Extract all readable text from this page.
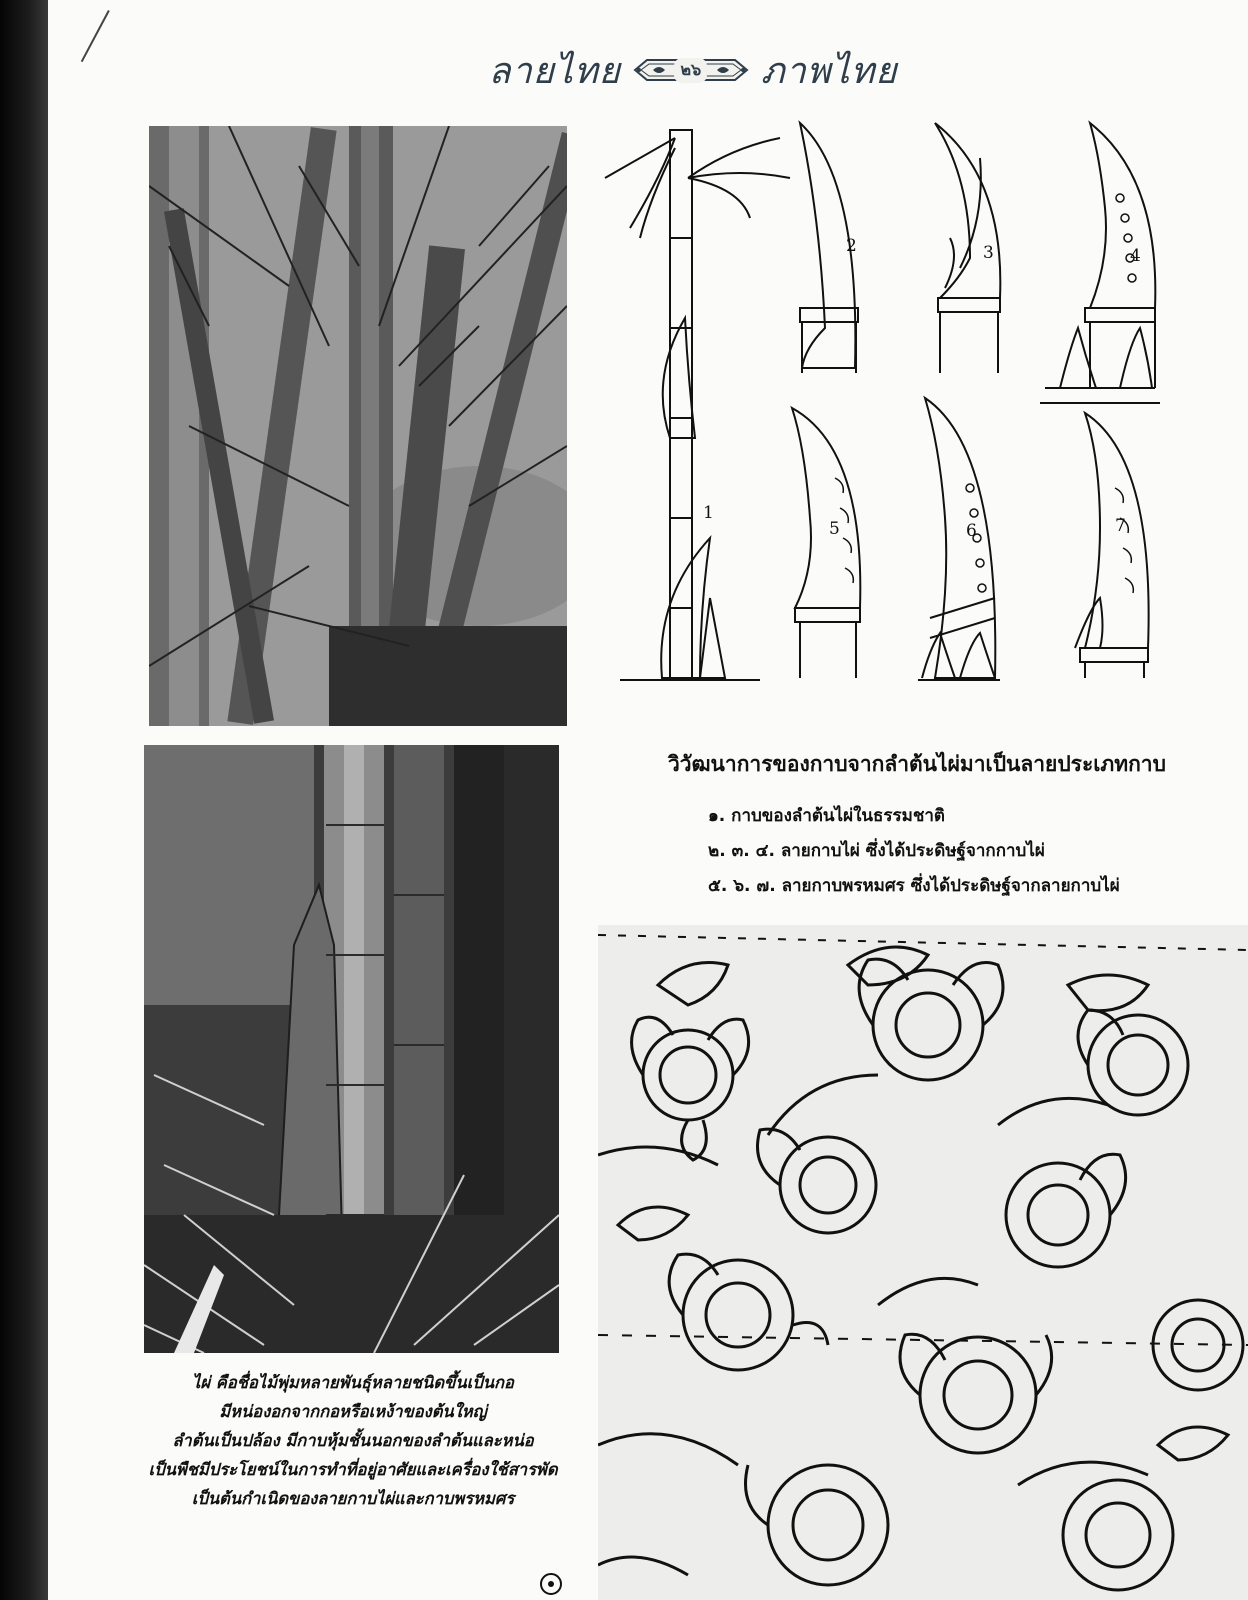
ลายไทย	๒๖ ภาพไทย
1
2	3	4
5	6	7
วิวัฒนาการของกาบจากลำต้นไผ่มาเป็นลายประเภทกาบ
๑. กาบของลำต้นไผ่ในธรรมชาติ
๒. ๓. ๔. ลายกาบไผ่ ซึ่งได้ประดิษฐ์จากกาบไผ่
๕. ๖. ๗. ลายกาบพรหมศร ซึ่งได้ประดิษฐ์จากลายกาบไผ่
ไผ่ คือชื่อไม้พุ่มหลายพันธุ์หลายชนิดขึ้นเป็นกอ
มีหน่องอกจากกอหรือเหง้าของต้นใหญ่
ลำต้นเป็นปล้อง มีกาบหุ้มชั้นนอกของลำต้นและหน่อ
เป็นพืชมีประโยชน์ในการทำที่อยู่อาศัยและเครื่องใช้สารพัด
เป็นต้นกำเนิดของลายกาบไผ่และกาบพรหมศร
